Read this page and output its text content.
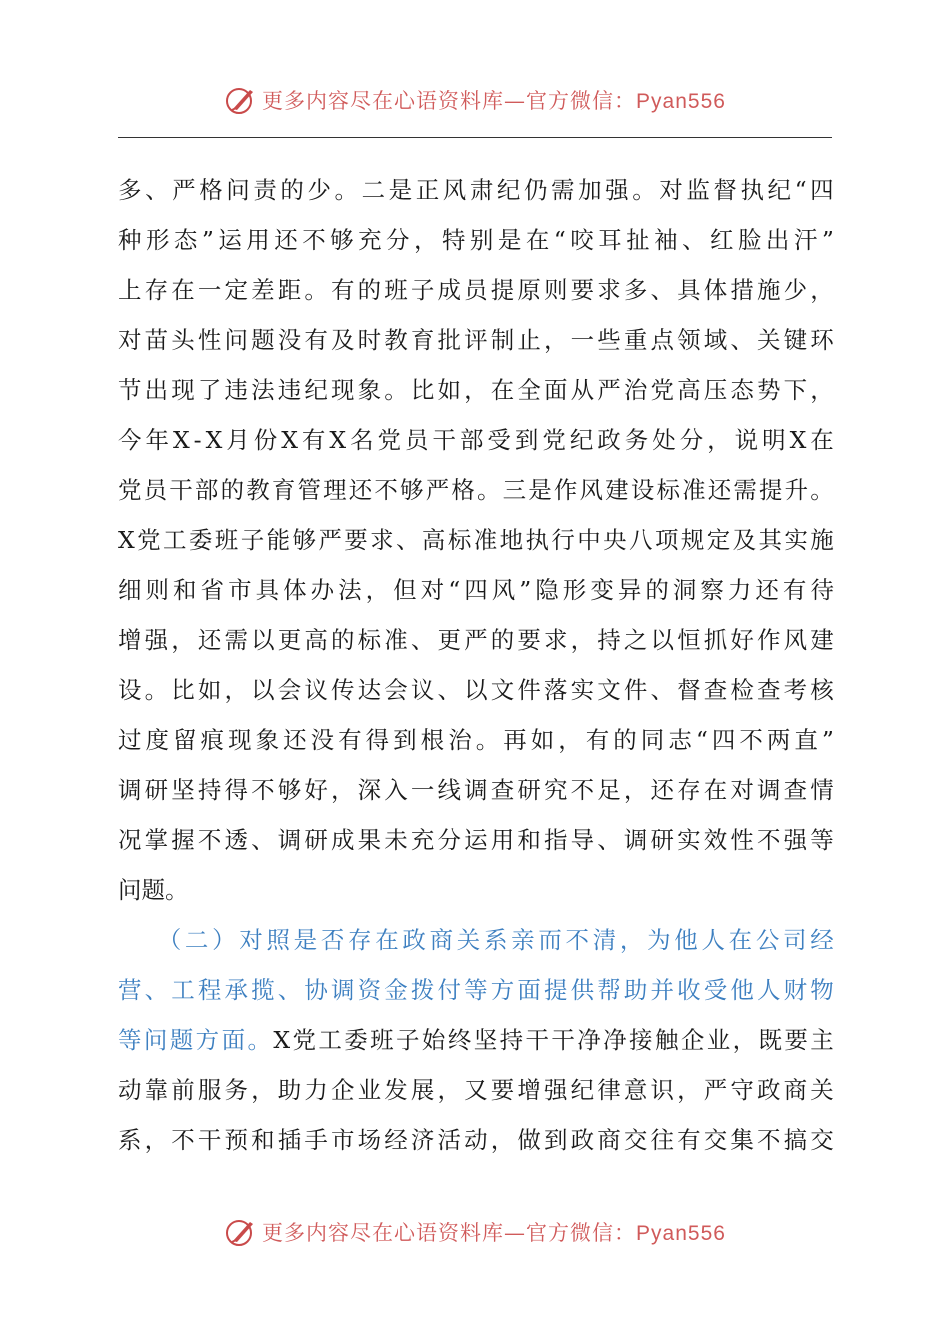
更多内容尽在心语资料库—官方微信：Pyan556
多 、 严 格 问 责 的 少 。 二 是 正 风 肃 纪 仍 需 加 强 。 对 监 督 执 纪 “ 四
种 形 态 ” 运 用 还 不 够 充 分 ， 特 别 是 在 “ 咬 耳 扯 袖 、 红 脸 出 汗 ”
上 存 在 一 定 差 距 。 有 的 班 子 成 员 提 原 则 要 求 多 、 具 体 措 施 少 ，
对 苗 头 性 问 题 没 有 及 时 教 育 批 评 制 止 ， 一 些 重 点 领 域 、 关 键 环
节 出 现 了 违 法 违 纪 现 象 。 比 如 ， 在 全 面 从 严 治 党 高 压 态 势 下 ，
今 年 X - X 月 份 X 有 X 名 党 员 干 部 受 到 党 纪 政 务 处 分 ， 说 明 X 在
党 员 干 部 的 教 育 管 理 还 不 够 严 格 。 三 是 作 风 建 设 标 准 还 需 提 升 。
X 党 工 委 班 子 能 够 严 要 求 、 高 标 准 地 执 行 中 央 八 项 规 定 及 其 实 施
细 则 和 省 市 具 体 办 法 ， 但 对 “ 四 风 ” 隐 形 变 异 的 洞 察 力 还 有 待
增 强 ， 还 需 以 更 高 的 标 准 、 更 严 的 要 求 ， 持 之 以 恒 抓 好 作 风 建
设 。 比 如 ， 以 会 议 传 达 会 议 、 以 文 件 落 实 文 件 、 督 查 检 查 考 核
过 度 留 痕 现 象 还 没 有 得 到 根 治 。 再 如 ， 有 的 同 志 “ 四 不 两 直 ”
调 研 坚 持 得 不 够 好 ， 深 入 一 线 调 查 研 究 不 足 ， 还 存 在 对 调 查 情
况 掌 握 不 透 、 调 研 成 果 未 充 分 运 用 和 指 导 、 调 研 实 效 性 不 强 等
问题。
（ 二 ） 对 照 是 否 存 在 政 商 关 系 亲 而 不 清 ， 为 他 人 在 公 司 经
营 、 工 程 承 揽 、 协 调 资 金 拨 付 等 方 面 提 供 帮 助 并 收 受 他 人 财 物
等 问 题 方 面 。 X 党 工 委 班 子 始 终 坚 持 干 干 净 净 接 触 企 业 ， 既 要 主
动 靠 前 服 务 ， 助 力 企 业 发 展 ， 又 要 增 强 纪 律 意 识 ， 严 守 政 商 关
系 ， 不 干 预 和 插 手 市 场 经 济 活 动 ， 做 到 政 商 交 往 有 交 集 不 搞 交
更多内容尽在心语资料库—官方微信：Pyan556
